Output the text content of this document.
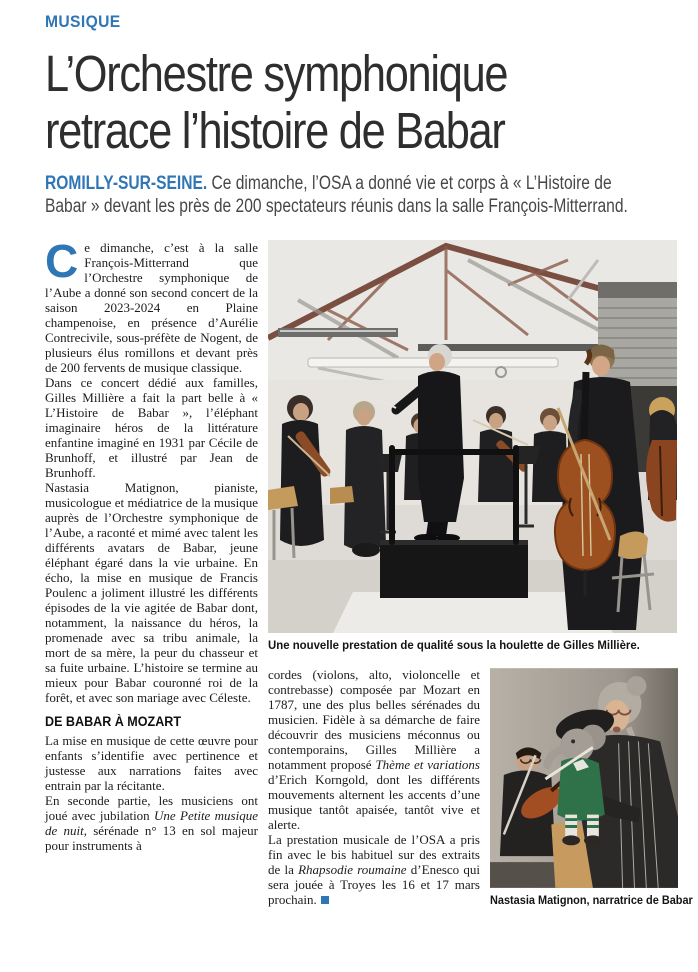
MUSIQUE
L’Orchestre symphonique
retrace l’histoire de Babar
ROMILLY-SUR-SEINE. Ce dimanche, l’OSA a donné vie et corps à « L’Histoire de
Babar » devant les près de 200 spectateurs réunis dans la salle François-Mitterrand.

Ce dimanche, c’est à la salle François-Mitterrand que l’Orchestre symphonique de l’Aube a donné son second concert de la saison 2023-2024 en Plaine champenoise, en présence d’Aurélie Contrecivile, sous-préfète de Nogent, de plusieurs élus romillons et devant près de 200 fervents de musique classique.

Dans ce concert dédié aux familles, Gilles Millière a fait la part belle à « L’Histoire de Babar », l’éléphant imaginaire héros de la littérature enfantine imaginé en 1931 par Cécile de Brunhoff, et illustré par Jean de Brunhoff.

Nastasia Matignon, pianiste, musicologue et médiatrice de la musique auprès de l’Orchestre symphonique de l’Aube, a raconté et mimé avec talent les différents avatars de Babar, jeune éléphant égaré dans la vie urbaine. En écho, la mise en musique de Francis Poulenc a joliment illustré les différents épisodes de la vie agitée de Babar dont, notamment, la naissance du héros, la promenade avec sa tribu animale, la mort de sa mère, la peur du chasseur et sa fuite urbaine. L’histoire se termine au mieux pour Babar couronné roi de la forêt, et avec son mariage avec Céleste.

DE BABAR À MOZART

La mise en musique de cette œuvre pour enfants s’identifie avec pertinence et justesse aux narrations faites avec entrain par la récitante.

En seconde partie, les musiciens ont joué avec jubilation Une Petite musique de nuit, sérénade n° 13 en sol majeur pour instruments à

Une nouvelle prestation de qualité sous la houlette de Gilles Millière.

cordes (violons, alto, violoncelle et contrebasse) composée par Mozart en 1787, une des plus belles sérénades du musicien. Fidèle à sa démarche de faire découvrir des musiciens méconnus ou contemporains, Gilles Millière a notamment proposé Thème et variations d’Erich Korngold, dont les différents mouvements alternent les accents d’une musique tantôt apaisée, tantôt vive et alerte.

La prestation musicale de l’OSA a pris fin avec le bis habituel sur des extraits de la Rhapsodie roumaine d’Enesco qui sera jouée à Troyes les 16 et 17 mars prochain.	Nastasia Matignon, narratrice de Babar
